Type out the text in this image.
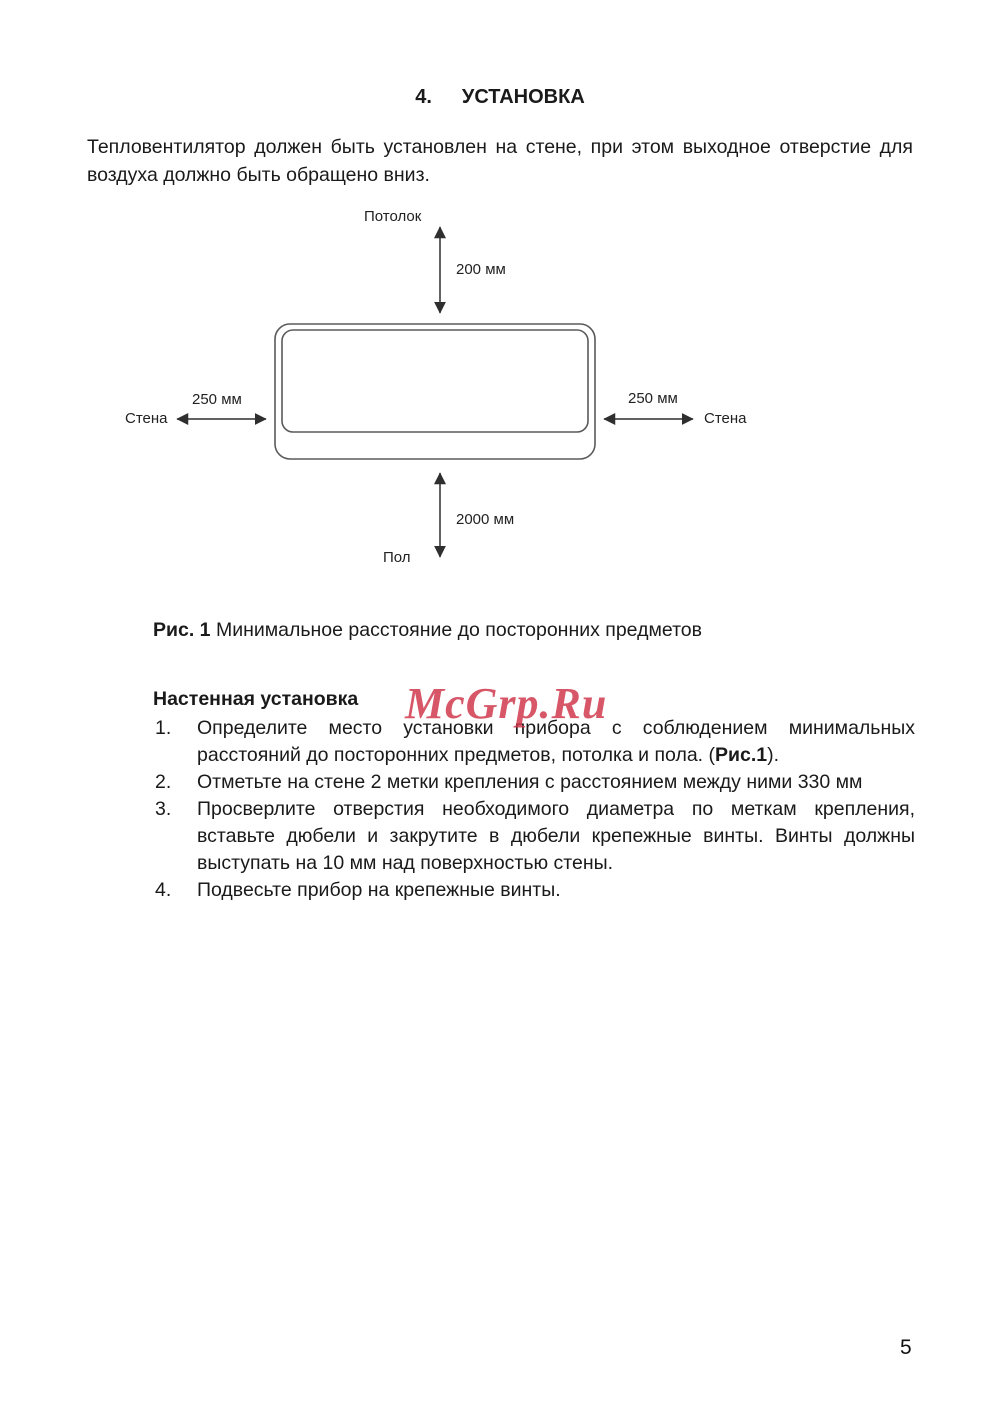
4. УСТАНОВКА

Тепловентилятор должен быть установлен на стене, при этом выходное отверстие для воздуха должно быть обращено вниз.

Потолок
200 мм
250 мм
Стена
250 мм
Стена
2000 мм
Пол

Рис. 1 Минимальное расстояние до посторонних предметов

Настенная установка
1.	Определите место установки прибора с соблюдением минимальных расстояний до посторонних предметов, потолка и пола. (Рис.1).
2.	Отметьте на стене 2 метки крепления с расстоянием между ними 330 мм
3.	Просверлите отверстия необходимого диаметра по меткам крепления, вставьте дюбели и закрутите в дюбели крепежные винты. Винты должны выступать на 10 мм над поверхностью стены.
4.	Подвесьте прибор на крепежные винты.
McGrp.Ru
5
